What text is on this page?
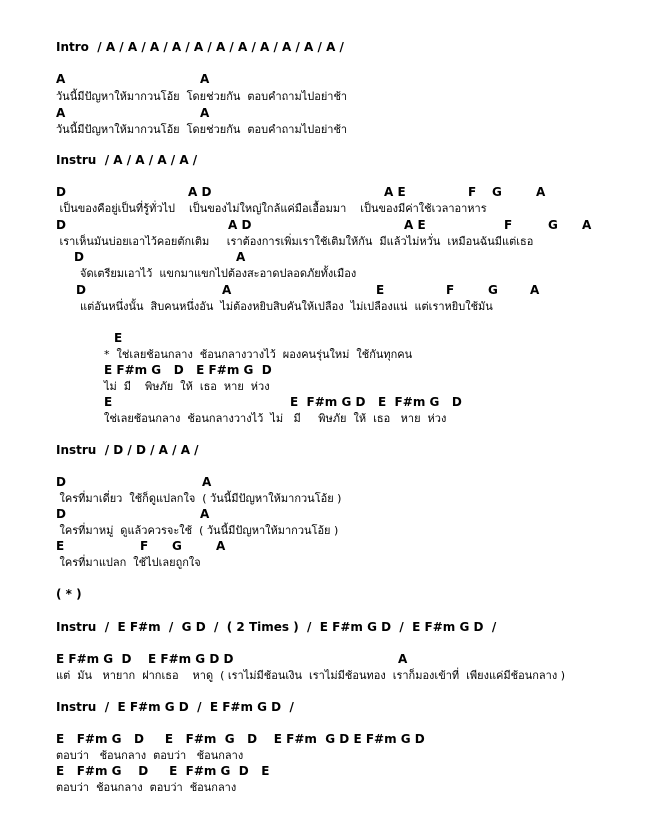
Intro  / A / A / A / A / A / A / A / A / A / A / A /

A

	A

วันนี้มีปัญหาให้มากวนโอ้ย  โดยช่วยกัน  ตอบคำถามไปอย่าช้า

A

	A

วันนี้มีปัญหาให้มากวนโอ้ย  โดยช่วยกัน  ตอบคำถามไปอย่าช้า

Instru  / A / A / A / A /

D

	A D

	A E

	F

G

	A

เป็นของคือยู่เป็นที่รู้ทั่วไป    เป็นของไม่ใหญ่ใกล้แค่มือเอื้อมมา    เป็นของมีค่าใช้เวลาอาหาร

D

	A D

	A E

	F

	G

A

เราเห็นมันบ่อยเอาไว้คอยตักเติม     เราต้องการเพิ่มเราใช้เติมให้กัน  มีแล้วไม่หวั่น  เหมือนฉันมีแต่เธอ

D

	A

จัดเตรียมเอาไว้  แขกมาแขกไปต้องสะอาดปลอดภัยทั้งเมือง

D

	A

	E

	F

	G

	A

แต่อันหนึ่งนั้น  สิบคนหนึ่งอัน  ไม่ต้องหยิบสิบคันให้เปลือง  ไม่เปลืองแน่  แต่เราหยิบใช้มัน

E

*  ใช่เลยช้อนกลาง  ช้อนกลางวางไว้  ผองคนรุ่นใหม่  ใช้กันทุกคน

E F#m G   D   E F#m G  D

ไม่  มี    พิษภัย  ให้  เธอ  หาย  ห่วง

E

	E  F#m G D   E  F#m G   D

ใช่เลยช้อนกลาง  ช้อนกลางวางไว้  ไม่   มี     พิษภัย  ให้  เธอ   หาย  ห่วง

Instru  / D / D / A / A /

D

	A

ใครที่มาเดี่ยว  ใช้ก็ดูแปลกใจ  ( วันนี้มีปัญหาให้มากวนโอ้ย )

D

	A

ใครที่มาหมู่  ดูแล้วควรจะใช้  ( วันนี้มีปัญหาให้มากวนโอ้ย )

E

	F

G

	A

ใครที่มาแปลก  ใช้ไปเลยถูกใจ

( * )

Instru  /  E F#m  /  G D  /  ( 2 Times )  /  E F#m G D  /  E F#m G D  /

E F#m G  D

E F#m G D D

	A

แต่  มัน   หายาก  ฝากเธอ    หาดู  ( เราไม่มีช้อนเงิน  เราไม่มีช้อนทอง  เราก็มองเข้าที่  เพียงแค่มีช้อนกลาง )

Instru  /  E F#m G D  /  E F#m G D  /

E   F#m G   D     E   F#m  G   D    E F#m  G D E F#m G D

ตอบว่า   ช้อนกลาง  ตอบว่า   ช้อนกลาง

E   F#m G    D     E  F#m G  D   E

ตอบว่า  ช้อนกลาง  ตอบว่า  ช้อนกลาง
